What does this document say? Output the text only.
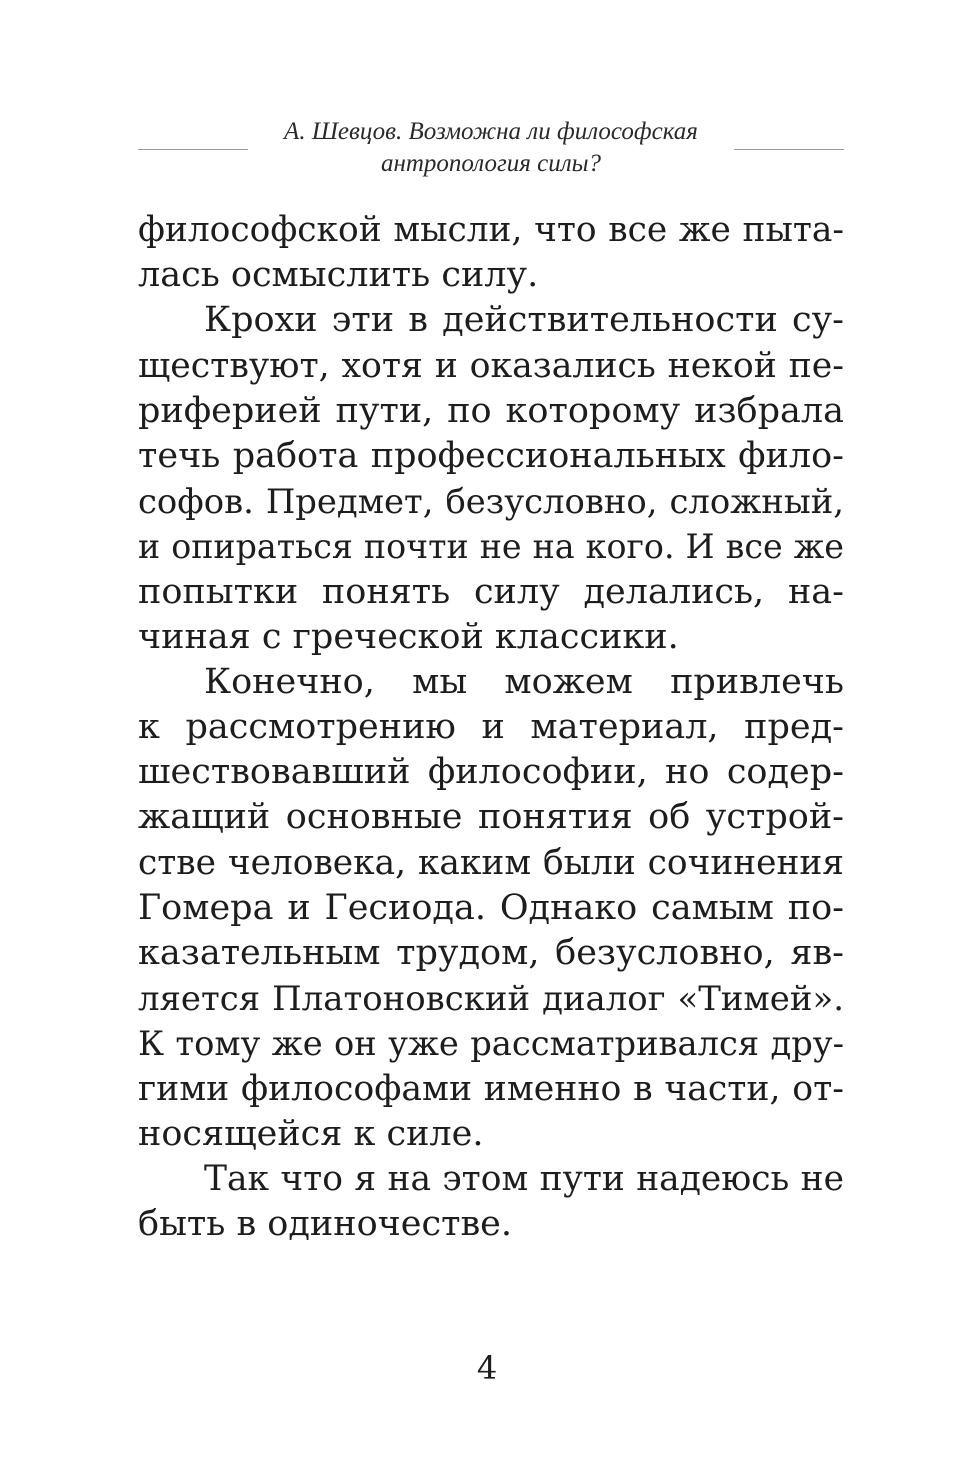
А. Шевцов. Возможна ли философская
антропология силы?
философской мысли, что все же пыта-
лась осмыслить силу.
Крохи эти в действительности су-
ществуют, хотя и оказались некой пе-
риферией пути, по которому избрала
течь работа профессиональных фило-
софов. Предмет, безусловно, сложный,
и опираться почти не на кого. И все же
попытки понять силу делались, на-
чиная с греческой классики.
Конечно, мы можем привлечь
к рассмотрению и материал, пред-
шествовавший философии, но содер-
жащий основные понятия об устрой-
стве человека, каким были сочинения
Гомера и Гесиода. Однако самым по-
казательным трудом, безусловно, яв-
ляется Платоновский диалог «Тимей».
К тому же он уже рассматривался дру-
гими философами именно в части, от-
носящейся к силе.
Так что я на этом пути надеюсь не
быть в одиночестве.
4
